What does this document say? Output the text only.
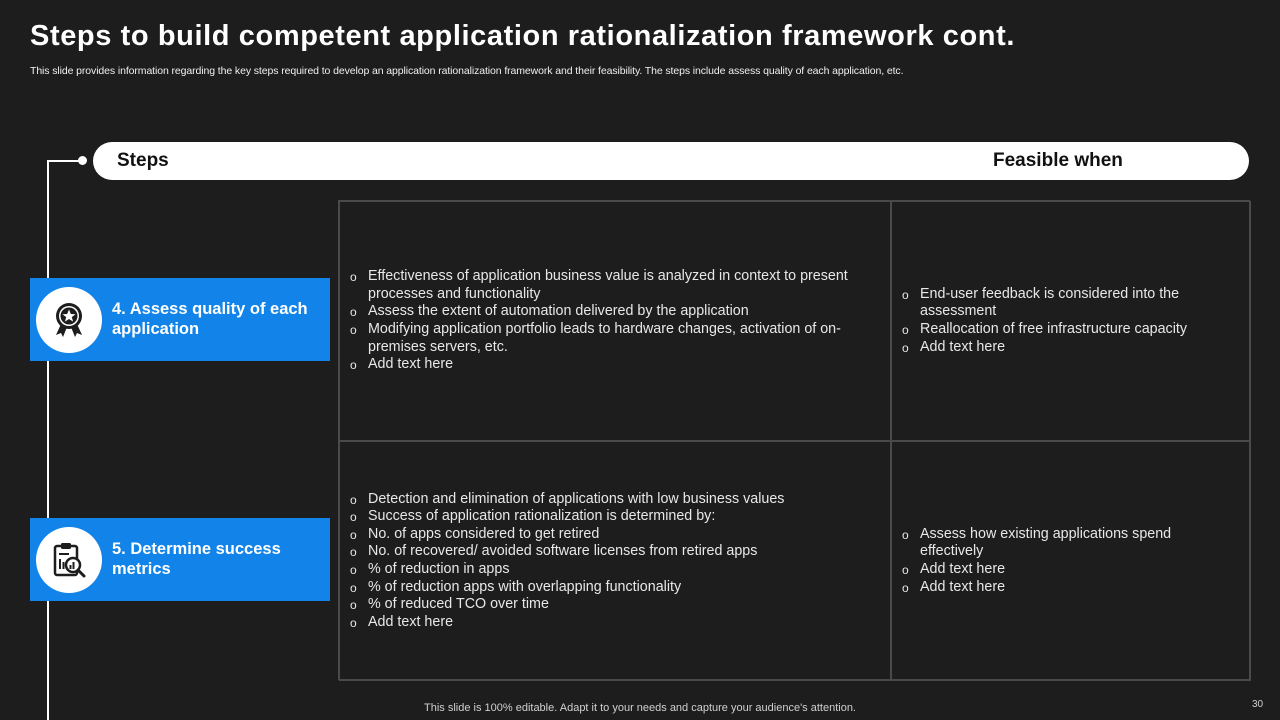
Steps to build competent application rationalization framework cont.
This slide provides information regarding the key steps required to develop an application rationalization framework and their feasibility. The steps include assess quality of each application, etc.
Steps	Feasible when
o Effectiveness of application business value is analyzed in context to present processes and functionality
o Assess the extent of automation delivered by the application
o Modifying application portfolio leads to hardware changes, activation of on-premises servers, etc.
o Add text here
o End-user feedback is considered into the assessment
o Reallocation of free infrastructure capacity
o Add text here
o Detection and elimination of applications with low business values
o Success of application rationalization is determined by:
o No. of apps considered to get retired
o No. of recovered/ avoided software licenses from retired apps
o % of reduction in apps
o % of reduction apps with overlapping functionality
o % of reduced TCO over time
o Add text here
o Assess how existing applications spend effectively
o Add text here
o Add text here
4. Assess quality of each application
5. Determine success metrics
This slide is 100% editable. Adapt it to your needs and capture your audience's attention.	30
